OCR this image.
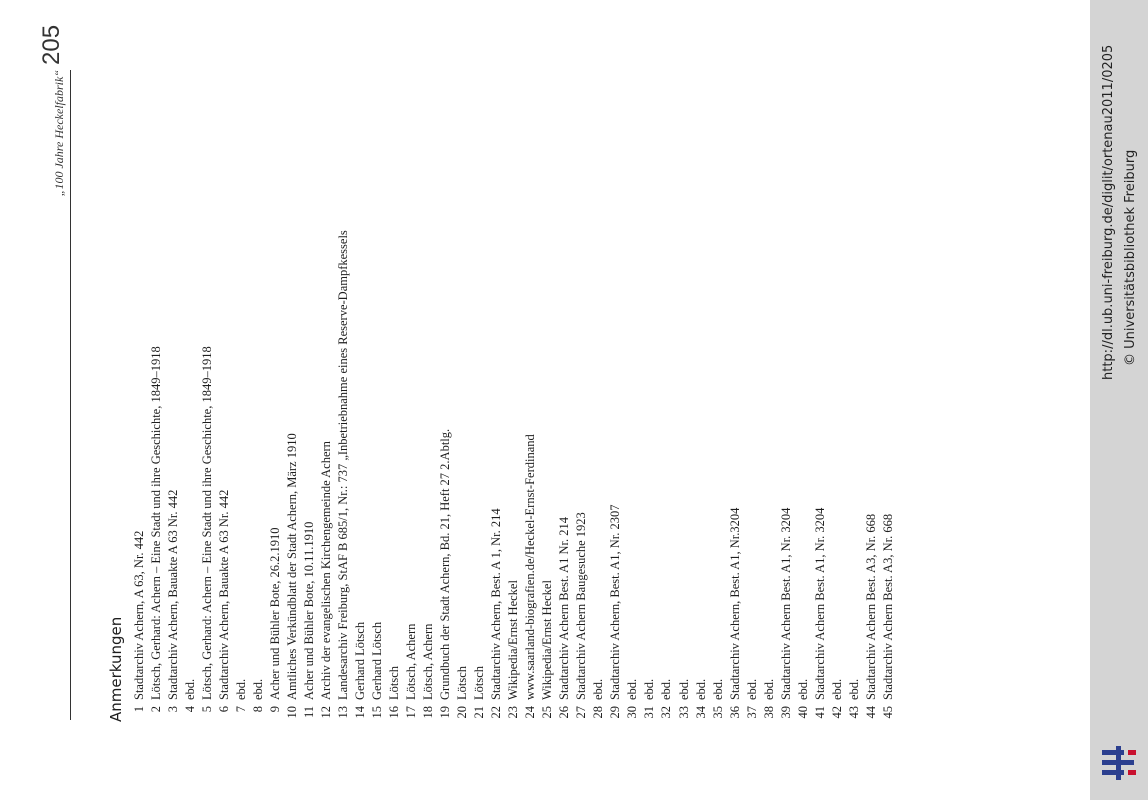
„100 Jahre Heckelfabrik“
205
Anmerkungen 1
Stadtarchiv Achern, A 63, Nr. 442
2
Lötsch, Gerhard: Achern – Eine Stadt und ihre Geschichte, 1849–1918
3
Stadtarchiv Achern, Bauakte A 63 Nr. 442
4
ebd.
5
Lötsch, Gerhard: Achern – Eine Stadt und ihre Geschichte, 1849–1918
6
Stadtarchiv Achern, Bauakte A 63 Nr. 442
7
ebd.
8
ebd.
9
Acher und Bühler Bote, 26.2.1910
10
Amtliches Verkündblatt der Stadt Achern, März 1910
11
Acher und Bühler Bote, 10.11.1910
12
Archiv der evangelischen Kirchengemeinde Achern
13
Landesarchiv Freiburg, StAF B 685/1, Nr.: 737 „Inbetriebnahme eines Reserve-Dampfkessels
14
Gerhard Lötsch
15
Gerhard Lötsch
16
Lötsch
17
Lötsch, Achern
18
Lötsch, Achern
19
Grundbuch der Stadt Achern, Bd. 21, Heft 27 2.Abtlg.
20
Lötsch
21
Lötsch
22
Stadtarchiv Achern, Best. A 1, Nr. 214
23
Wikipedia/Ernst Heckel
24
www.saarland-biografien.de/Heckel-Ernst-Ferdinand
25
Wikipedia/Ernst Heckel
26
Stadtarchiv Achern Best. A1 Nr. 214
27
Stadtarchiv Achern Baugesuche 1923
28
ebd.
29
Stadtarchiv Achern, Best. A1, Nr. 2307
30
ebd.
31
ebd.
32
ebd.
33
ebd.
34
ebd.
35
ebd.
36
Stadtarchiv Achern, Best. A1, Nr.3204
37
ebd.
38
ebd.
39
Stadtarchiv Achern Best. A1, Nr. 3204
40
ebd.
41
Stadtarchiv Achern Best. A1, Nr. 3204
42
ebd.
43
ebd.
44
Stadtarchiv Achern Best. A3, Nr. 668
45
Stadtarchiv Achern Best. A3, Nr. 668
http://dl.ub.uni-freiburg.de/diglit/ortenau2011/0205 © Universitätsbibliothek Freiburg
